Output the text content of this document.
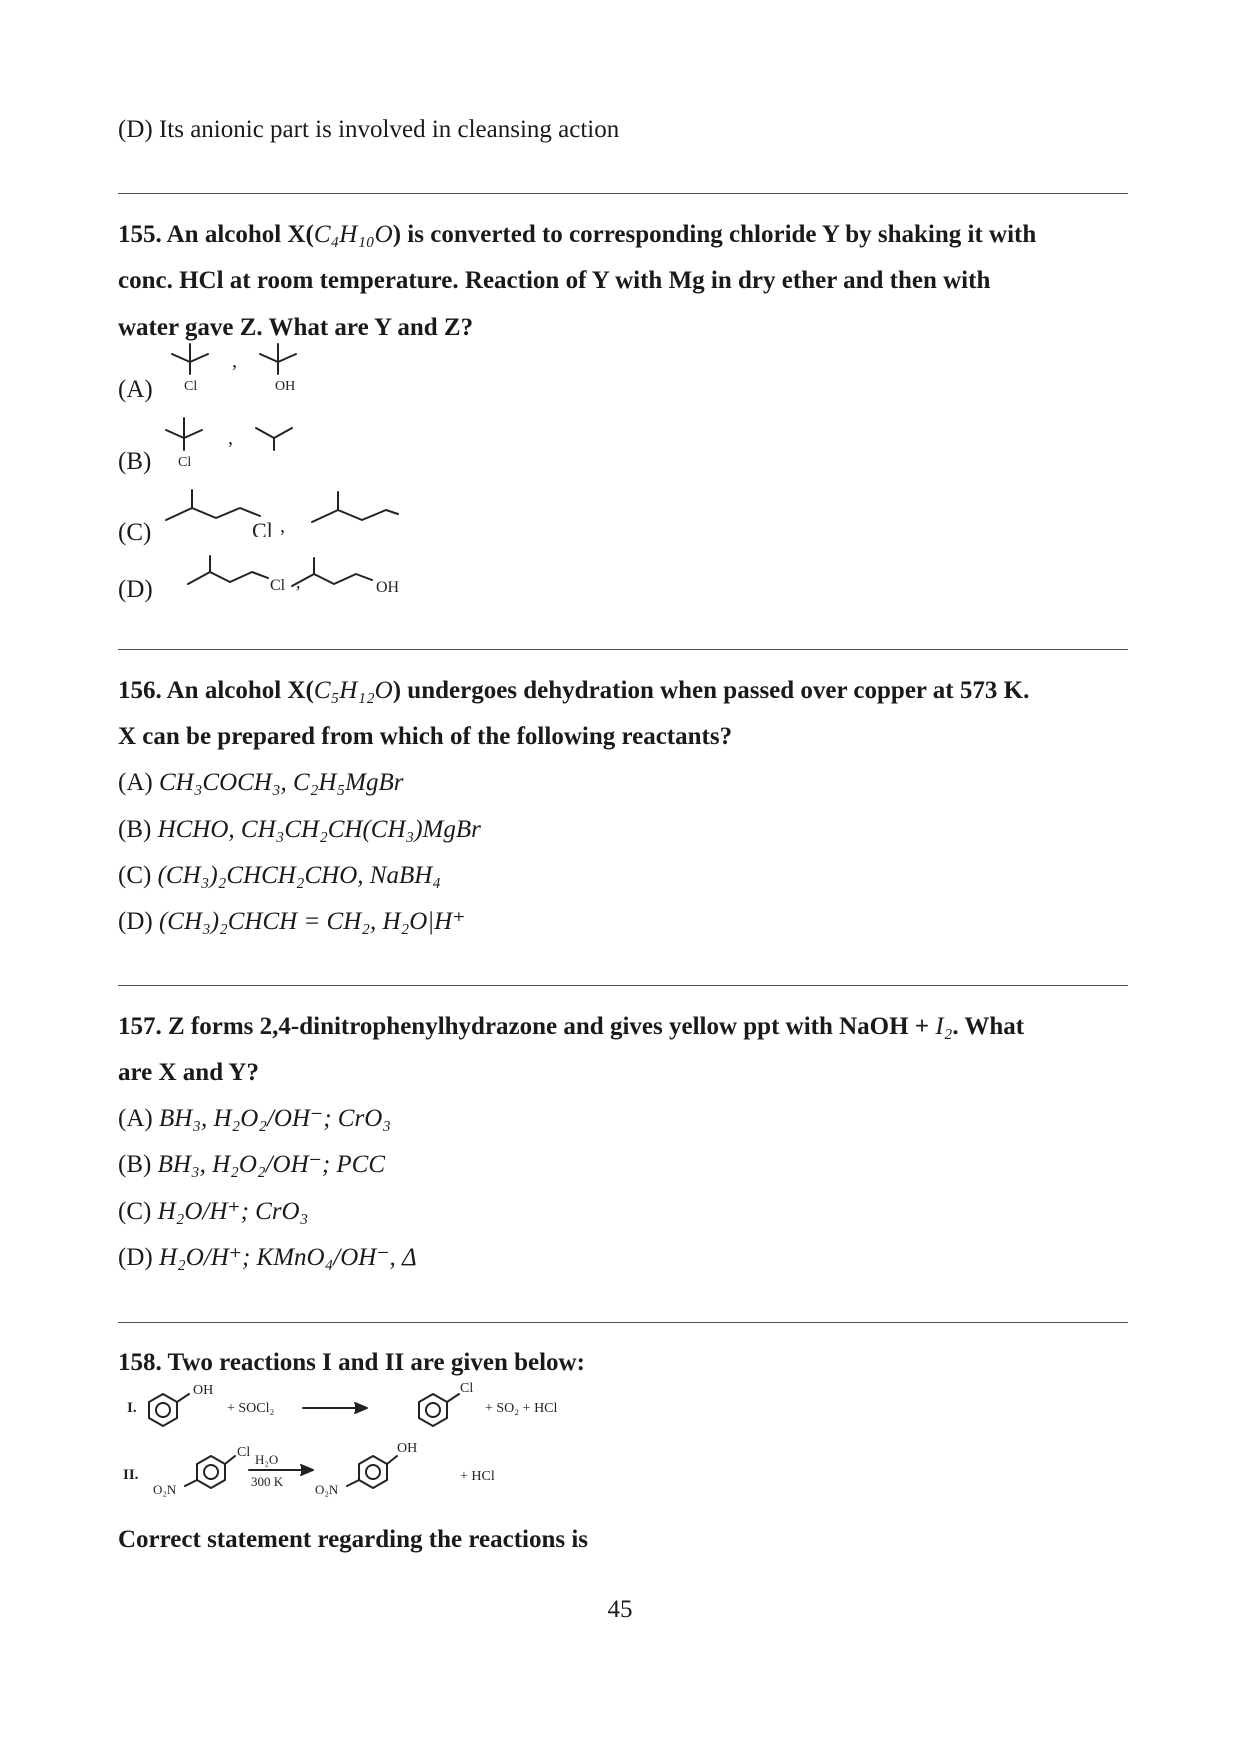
(D) Its anionic part is involved in cleansing action
155. An alcohol X(C₄H₁₀O) is converted to corresponding chloride Y by shaking it with
conc. HCl at room temperature. Reaction of Y with Mg in dry ether and then with
water gave Z. What are Y and Z?
(A)
,
Cl	OH
(B)
,
Cl
(C)	Cl ,
(D)	Cl ,	OH
156. An alcohol X(C₅H₁₂O) undergoes dehydration when passed over copper at 573 K.
X can be prepared from which of the following reactants?
(A) CH₃COCH₃, C₂H₅MgBr
(B) HCHO, CH₃CH₂CH(CH₃)MgBr
(C) (CH₃)₂CHCH₂CHO, NaBH₄
(D) (CH₃)₂CHCH = CH₂, H₂O|H⁺
157. Z forms 2,4-dinitrophenylhydrazone and gives yellow ppt with NaOH + I₂. What
are X and Y?
(A) BH₃, H₂O₂/OH⁻; CrO₃
(B) BH₃, H₂O₂/OH⁻; PCC
(C) H₂O/H⁺; CrO₃
(D) H₂O/H⁺; KMnO₄/OH⁻, Δ
158. Two reactions I and II are given below:
I.
OH
+ SOCl₂
Cl
+ SO₂ + HCl
II.
O₂N
Cl H₂O
300 K
O₂N
OH
+ HCl
Correct statement regarding the reactions is
45
